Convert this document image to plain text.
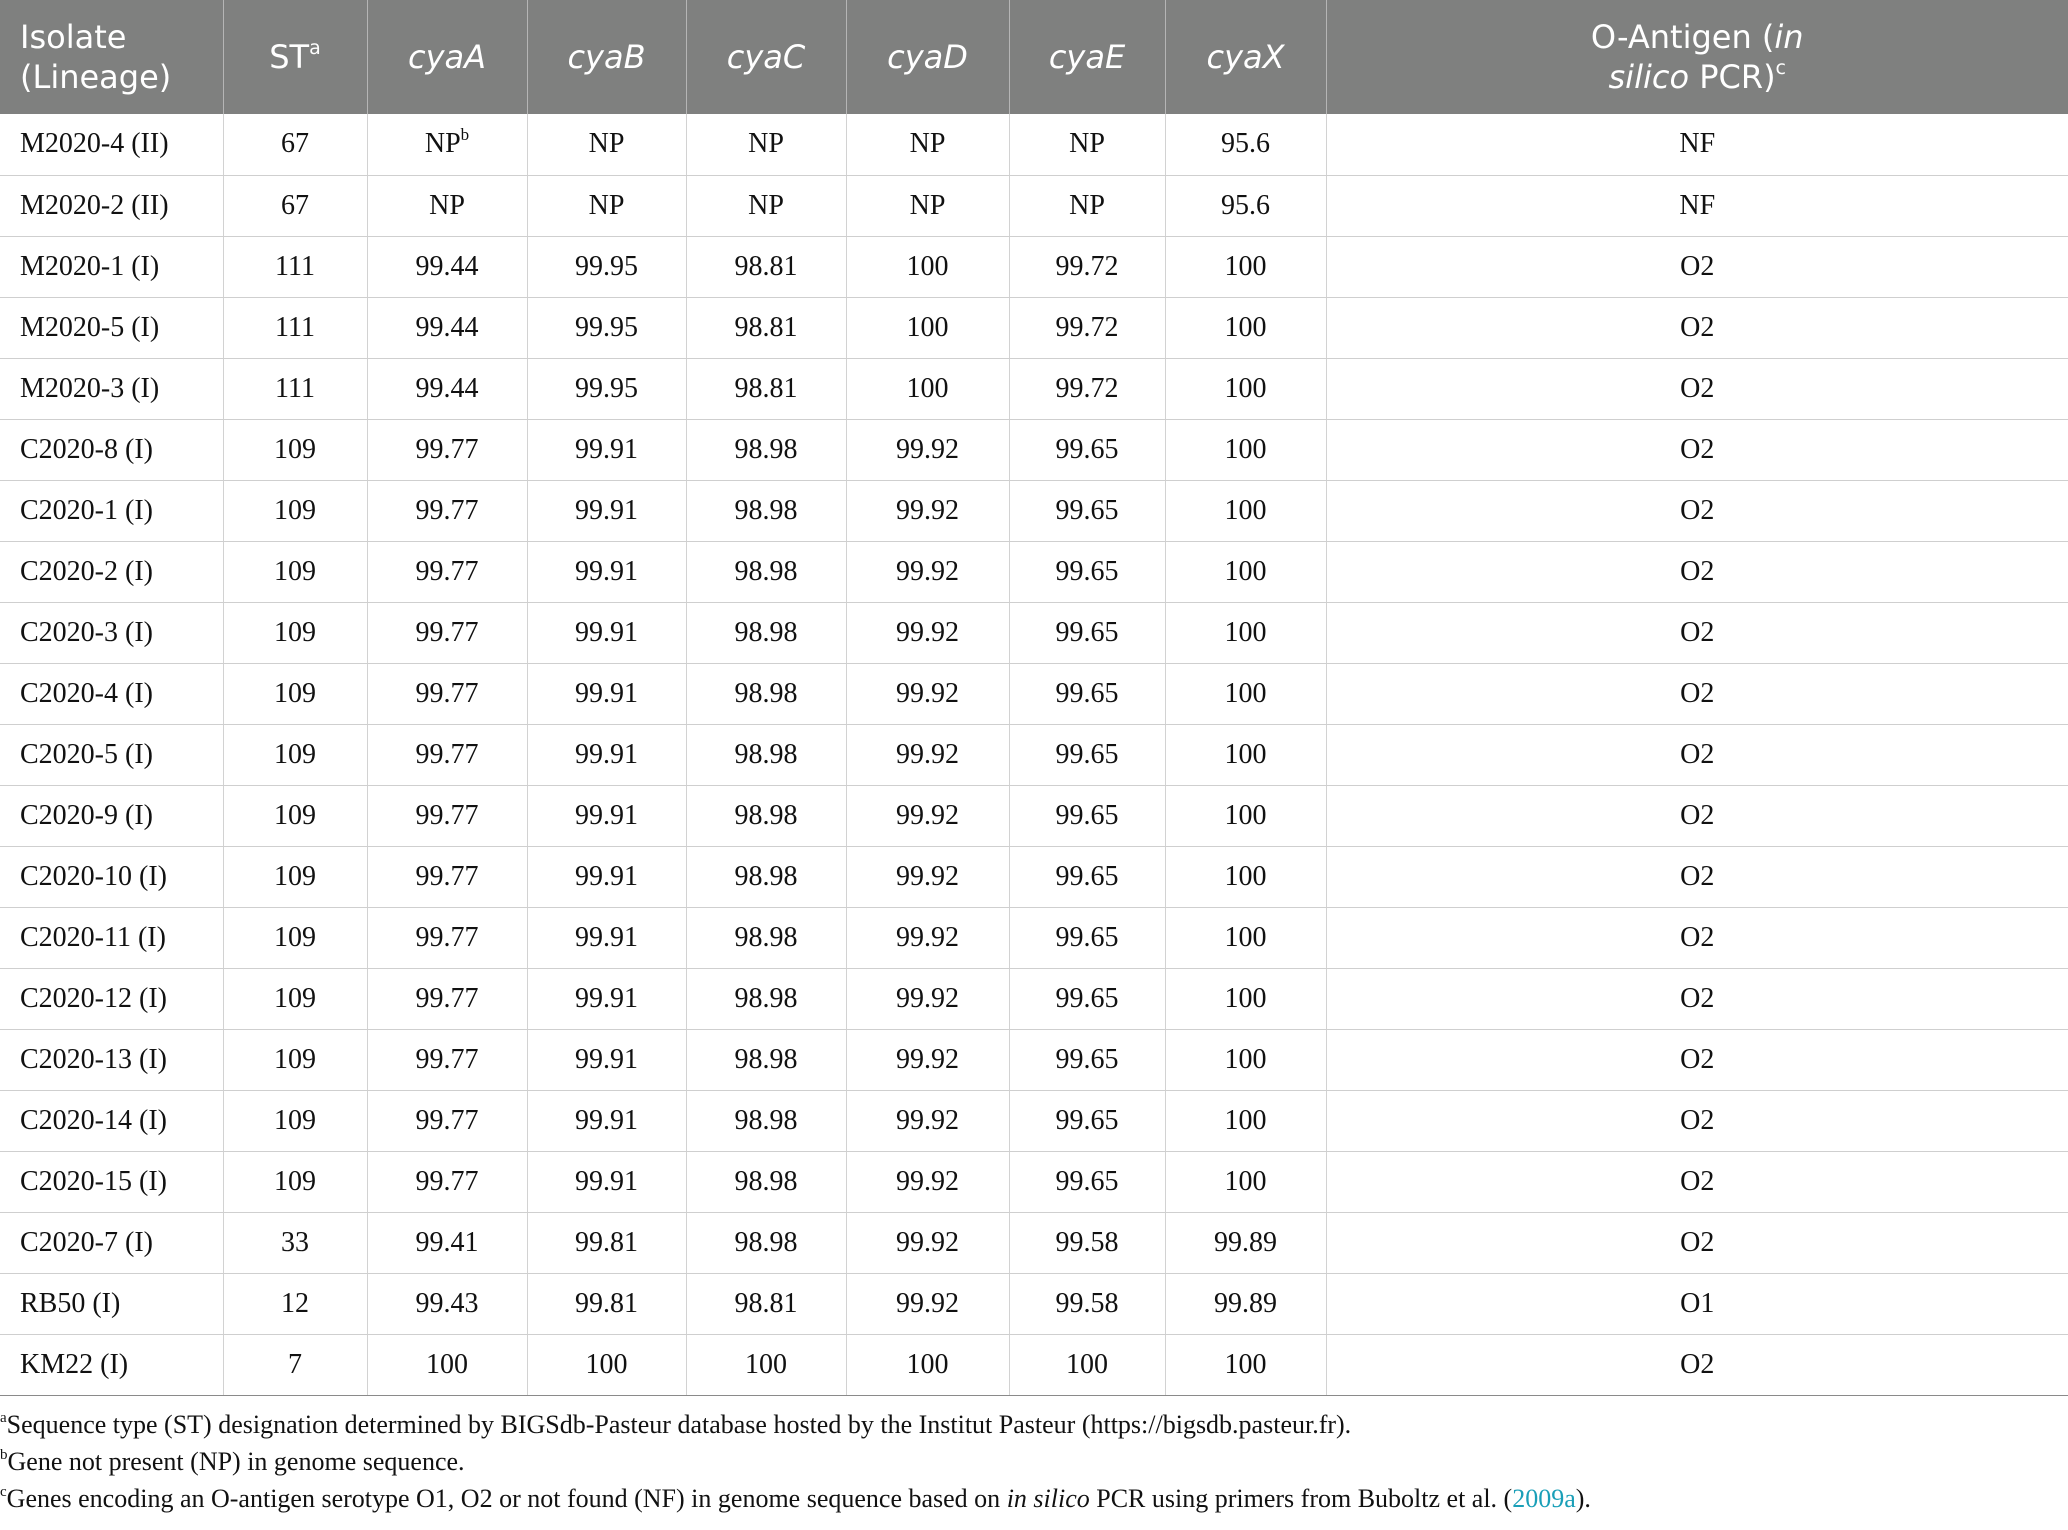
Isolate
(Lineage)	$ST^a$	cyaA	cyaB	cyaC	cyaD	cyaE	cyaX	O-Antigen (in
silico PCR)$^c$
M2020-4 (II)	67	$NP^b$	NP	NP	NP	NP	95.6	NF
M2020-2 (II)	67	NP	NP	NP	NP	NP	95.6	NF
M2020-1 (I)	111	99.44	99.95	98.81	100	99.72	100	O2
M2020-5 (I)	111	99.44	99.95	98.81	100	99.72	100	O2
M2020-3 (I)	111	99.44	99.95	98.81	100	99.72	100	O2
C2020-8 (I)	109	99.77	99.91	98.98	99.92	99.65	100	O2
C2020-1 (I)	109	99.77	99.91	98.98	99.92	99.65	100	O2
C2020-2 (I)	109	99.77	99.91	98.98	99.92	99.65	100	O2
C2020-3 (I)	109	99.77	99.91	98.98	99.92	99.65	100	O2
C2020-4 (I)	109	99.77	99.91	98.98	99.92	99.65	100	O2
C2020-5 (I)	109	99.77	99.91	98.98	99.92	99.65	100	O2
C2020-9 (I)	109	99.77	99.91	98.98	99.92	99.65	100	O2
C2020-10 (I)	109	99.77	99.91	98.98	99.92	99.65	100	O2
C2020-11 (I)	109	99.77	99.91	98.98	99.92	99.65	100	O2
C2020-12 (I)	109	99.77	99.91	98.98	99.92	99.65	100	O2
C2020-13 (I)	109	99.77	99.91	98.98	99.92	99.65	100	O2
C2020-14 (I)	109	99.77	99.91	98.98	99.92	99.65	100	O2
C2020-15 (I)	109	99.77	99.91	98.98	99.92	99.65	100	O2
C2020-7 (I)	33	99.41	99.81	98.98	99.92	99.58	99.89	O2
RB50 (I)	12	99.43	99.81	98.81	99.92	99.58	99.89	O1
KM22 (I)	7	100	100	100	100	100	100	O2
$^a$Sequence type (ST) designation determined by BIGSdb-Pasteur database hosted by the Institut Pasteur (https://bigsdb.pasteur.fr).
$^b$Gene not present (NP) in genome sequence.
$^c$Genes encoding an O-antigen serotype O1, O2 or not found (NF) in genome sequence based on in silico PCR using primers from Buboltz et al. (2009a).
